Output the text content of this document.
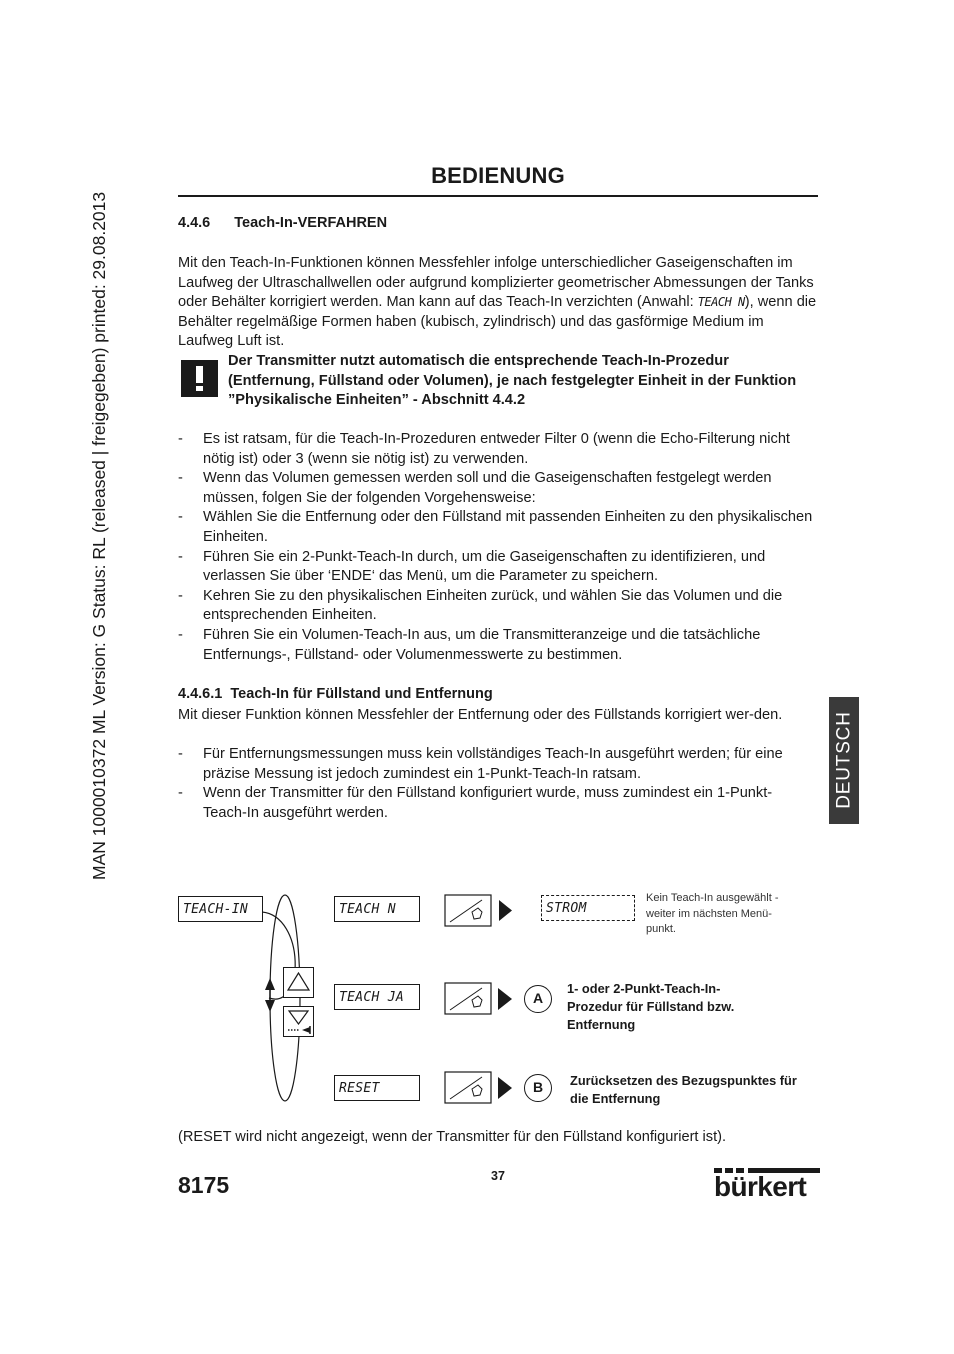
MAN 1000010372 ML Version: G Status: RL (released | freigegeben) printed: 29.08.2013
BEDIENUNG
4.4.6 Teach-In-VERFAHREN
Mit den Teach-In-Funktionen können Messfehler infolge unterschiedlicher Gaseigenschaften im Laufweg der Ultraschallwellen oder aufgrund komplizierter geometrischer Abmessungen der Tanks oder Behälter korrigiert werden. Man kann auf das Teach-In verzichten (Anwahl: TEACH N), wenn die Behälter regelmäßige Formen haben (kubisch, zylindrisch) und das gasförmige Medium im Laufweg Luft ist.
Der Transmitter nutzt automatisch die entsprechende Teach-In-Prozedur (Entfernung, Füllstand oder Volumen), je nach festgelegter Einheit in der Funktion ”Physikalische Einheiten” - Abschnitt 4.4.2
- Es ist ratsam, für die Teach-In-Prozeduren entweder Filter 0 (wenn die Echo-Filterung nicht nötig ist) oder 3 (wenn sie nötig ist) zu verwenden.
- Wenn das Volumen gemessen werden soll und die Gaseigenschaften festgelegt werden müssen, folgen Sie der folgenden Vorgehensweise:
- Wählen Sie die Entfernung oder den Füllstand mit passenden Einheiten zu den physikalischen Einheiten.
- Führen Sie ein 2-Punkt-Teach-In durch, um die Gaseigenschaften zu identifizieren, und verlassen Sie über ‘ENDE‘ das Menü, um die Parameter zu speichern.
- Kehren Sie zu den physikalischen Einheiten zurück, und wählen Sie das Volumen und die entsprechenden Einheiten.
- Führen Sie ein Volumen-Teach-In aus, um die Transmitteranzeige und die tatsächliche Entfernungs-, Füllstand- oder Volumenmesswerte zu bestimmen.
4.4.6.1 Teach-In für Füllstand und Entfernung
Mit dieser Funktion können Messfehler der Entfernung oder des Füllstands korrigiert wer-den.
- Für Entfernungsmessungen muss kein vollständiges Teach-In ausgeführt werden; für eine präzise Messung ist jedoch zumindest ein 1-Punkt-Teach-In ratsam.
- Wenn der Transmitter für den Füllstand konfiguriert wurde, muss zumindest ein 1-Punkt-Teach-In ausgeführt werden.
DEUTSCH
TEACH-IN	TEACH N
TEACH JA
RESET
STROM
Kein Teach-In ausgewählt - weiter im nächsten Menü-punkt.
A
1- oder 2-Punkt-Teach-In-Prozedur für Füllstand bzw. Entfernung
B	Zurücksetzen des Bezugspunktes für die Entfernung
(RESET wird nicht angezeigt, wenn der Transmitter für den Füllstand konfiguriert ist).
8175	37	bürkert
